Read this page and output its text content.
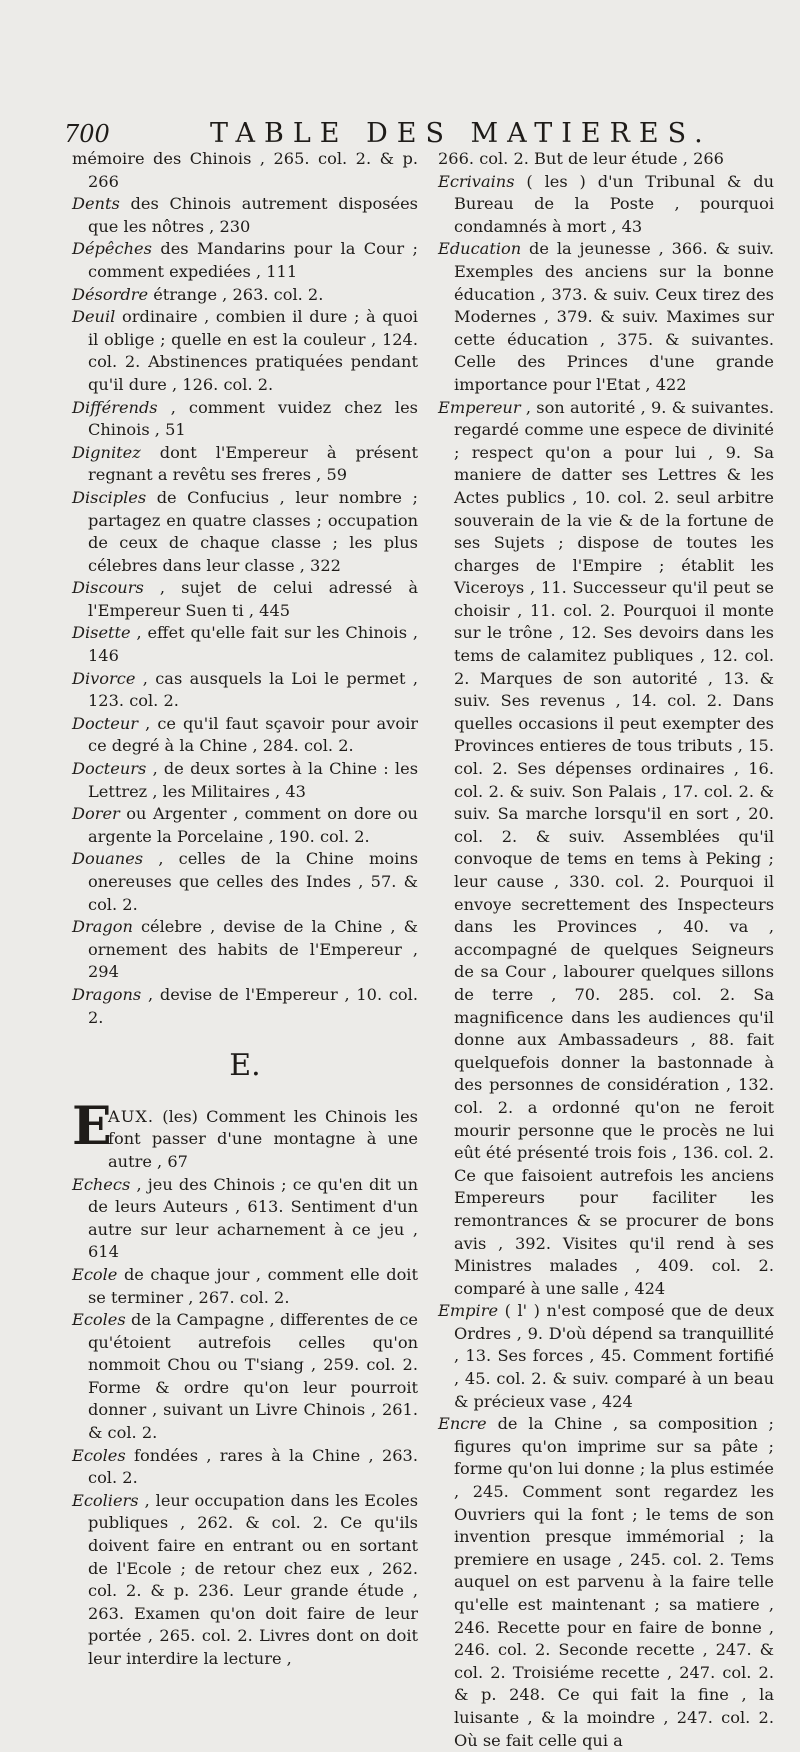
700	TABLE DES MATIERES.

mémoire des Chinois , 265. col. 2. & p. 266

Dents des Chinois autrement disposées que les nôtres , 230

Dépêches des Mandarins pour la Cour ; comment expediées , 111

Désordre étrange , 263. col. 2.

Deuil ordinaire , combien il dure ; à quoi il oblige ; quelle en est la couleur , 124. col. 2. Abstinences pratiquées pendant qu'il dure , 126. col. 2.

Différends , comment vuidez chez les Chinois , 51

Dignitez dont l'Empereur à présent regnant a revêtu ses freres , 59

Disciples de Confucius , leur nombre ; partagez en quatre classes ; occupation de ceux de chaque classe ; les plus célebres dans leur classe , 322

Discours , sujet de celui adressé à l'Empereur Suen ti , 445

Disette , effet qu'elle fait sur les Chinois , 146

Divorce , cas ausquels la Loi le permet , 123. col. 2.

Docteur , ce qu'il faut sçavoir pour avoir ce degré à la Chine , 284. col. 2.

Docteurs , de deux sortes à la Chine : les Lettrez , les Militaires , 43

Dorer ou Argenter , comment on dore ou argente la Porcelaine , 190. col. 2.

Douanes , celles de la Chine moins onereuses que celles des Indes , 57. & col. 2.

Dragon célebre , devise de la Chine , & ornement des habits de l'Empereur , 294

Dragons , devise de l'Empereur , 10. col. 2.

E.

E
AUX. (les) Comment les Chinois les font passer d'une montagne à une autre , 67

Echecs , jeu des Chinois ; ce qu'en dit un de leurs Auteurs , 613. Sentiment d'un autre sur leur acharnement à ce jeu , 614

Ecole de chaque jour , comment elle doit se terminer , 267. col. 2.

Ecoles de la Campagne , differentes de ce qu'étoient autrefois celles qu'on nommoit Chou ou T'siang , 259. col. 2. Forme & ordre qu'on leur pourroit donner , suivant un Livre Chinois , 261. & col. 2.

Ecoles fondées , rares à la Chine , 263. col. 2.

Ecoliers , leur occupation dans les Ecoles publiques , 262. & col. 2. Ce qu'ils doivent faire en entrant ou en sortant de l'Ecole ; de retour chez eux , 262. col. 2. & p. 236. Leur grande étude , 263. Examen qu'on doit faire de leur portée , 265. col. 2. Livres dont on doit leur interdire la lecture ,

266. col. 2. But de leur étude , 266

Ecrivains ( les ) d'un Tribunal & du Bureau de la Poste , pourquoi condamnés à mort , 43

Education de la jeunesse , 366. & suiv. Exemples des anciens sur la bonne éducation , 373. & suiv. Ceux tirez des Modernes , 379. & suiv. Maximes sur cette éducation , 375. & suivantes. Celle des Princes d'une grande importance pour l'Etat , 422

Empereur , son autorité , 9. & suivantes. regardé comme une espece de divinité ; respect qu'on a pour lui , 9. Sa maniere de datter ses Lettres & les Actes publics , 10. col. 2. seul arbitre souverain de la vie & de la fortune de ses Sujets ; dispose de toutes les charges de l'Empire ; établit les Viceroys , 11. Successeur qu'il peut se choisir , 11. col. 2. Pourquoi il monte sur le trône , 12. Ses devoirs dans les tems de calamitez publiques , 12. col. 2. Marques de son autorité , 13. & suiv. Ses revenus , 14. col. 2. Dans quelles occasions il peut exempter des Provinces entieres de tous tributs , 15. col. 2. Ses dépenses ordinaires , 16. col. 2. & suiv. Son Palais , 17. col. 2. & suiv. Sa marche lorsqu'il en sort , 20. col. 2. & suiv. Assemblées qu'il convoque de tems en tems à Peking ; leur cause , 330. col. 2. Pourquoi il envoye secrettement des Inspecteurs dans les Provinces , 40. va , accompagné de quelques Seigneurs de sa Cour , labourer quelques sillons de terre , 70. 285. col. 2. Sa magnificence dans les audiences qu'il donne aux Ambassadeurs , 88. fait quelquefois donner la bastonnade à des personnes de considération , 132. col. 2. a ordonné qu'on ne feroit mourir personne que le procès ne lui eût été présenté trois fois , 136. col. 2. Ce que faisoient autrefois les anciens Empereurs pour faciliter les remontrances & se procurer de bons avis , 392. Visites qu'il rend à ses Ministres malades , 409. col. 2. comparé à une salle , 424

Empire ( l' ) n'est composé que de deux Ordres , 9. D'où dépend sa tranquillité , 13. Ses forces , 45. Comment fortifié , 45. col. 2. & suiv. comparé à un beau & précieux vase , 424

Encre de la Chine , sa composition ; figures qu'on imprime sur sa pâte ; forme qu'on lui donne ; la plus estimée , 245. Comment sont regardez les Ouvriers qui la font ; le tems de son invention presque immémorial ; la premiere en usage , 245. col. 2. Tems auquel on est parvenu à la faire telle qu'elle est maintenant ; sa matiere , 246. Recette pour en faire de bonne , 246. col. 2. Seconde recette , 247. & col. 2. Troisiéme recette , 247. col. 2. & p. 248. Ce qui fait la fine , la luisante , & la moindre , 247. col. 2. Où se fait celle qui a
